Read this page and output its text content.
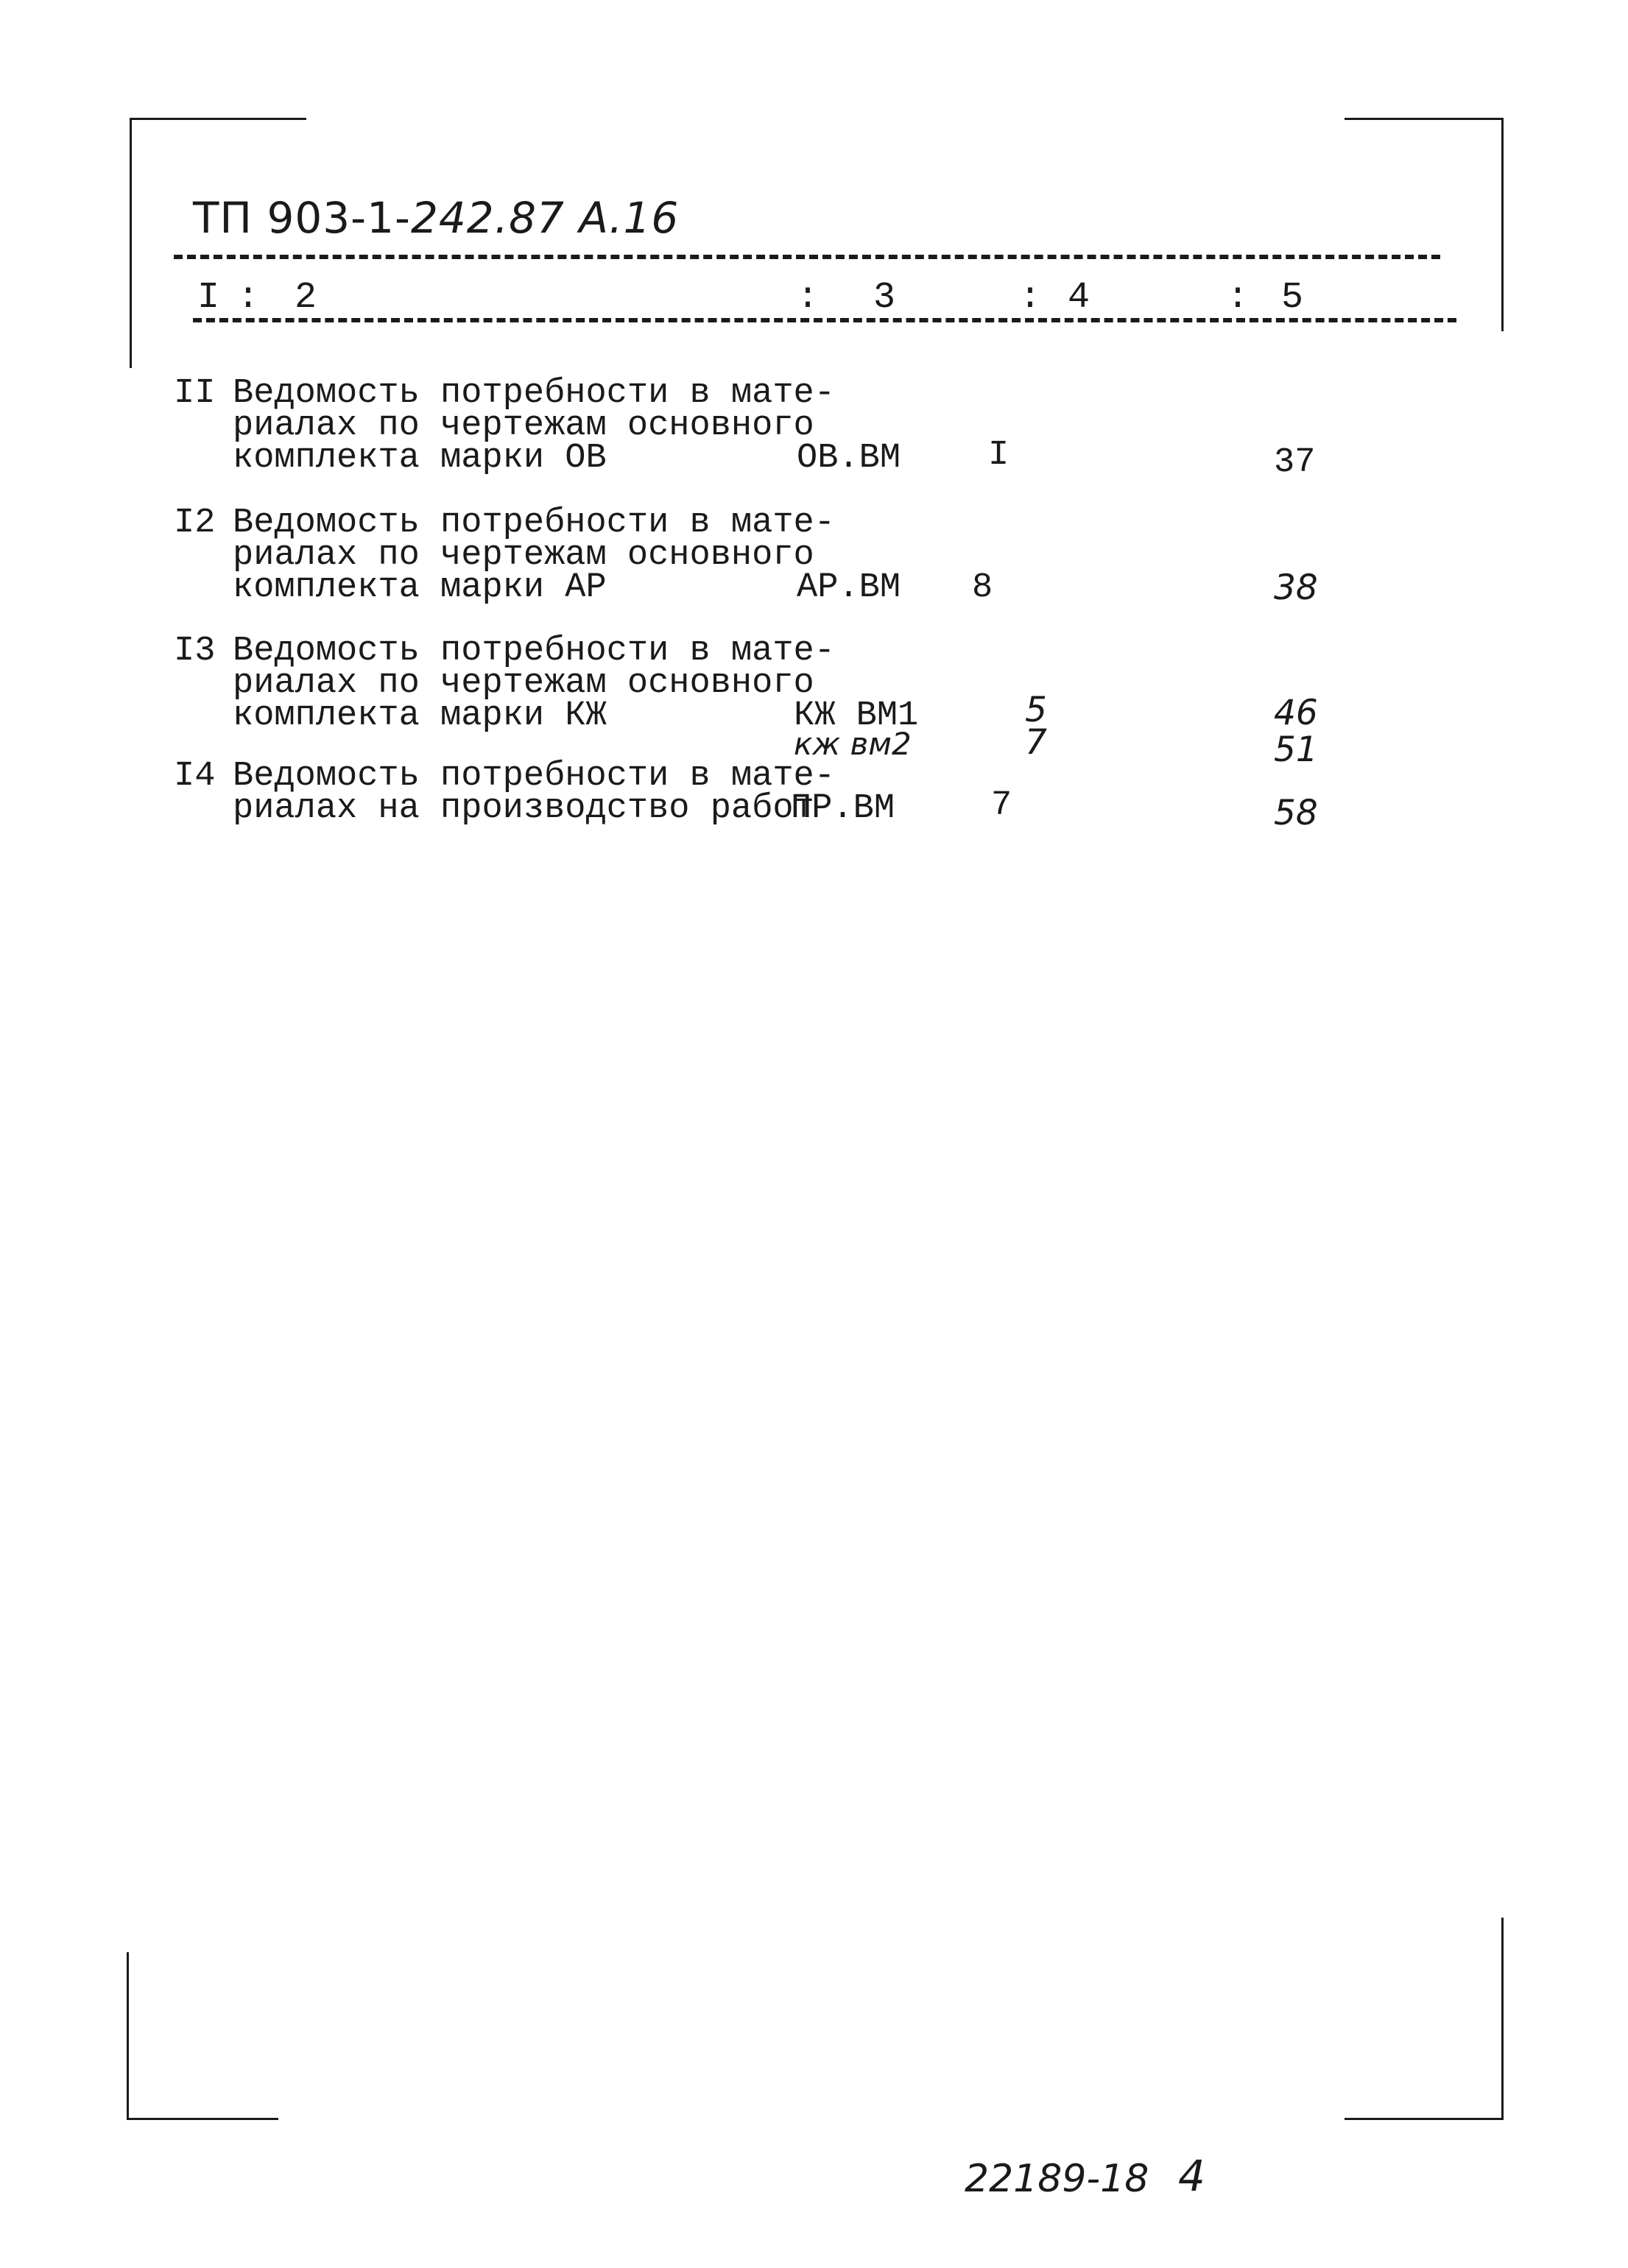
ТП 903-1-242.87 А.16
I : 2	: 3	: 4	: 5
II Ведомость потребности в мате-
риалах по чертежам основного
комплекта марки ОВ	ОВ.ВМ	I	37
I2 Ведомость потребности в мате-
риалах по чертежам основного
комплекта марки АР	АР.ВМ 8	38
I3 Ведомость потребности в мате-
риалах по чертежам основного
комплекта марки КЖ	КЖ ВМ1	5	46
кж вм2	7	51
I4 Ведомость потребности в мате-
риалах на производство работ
ПР.ВМ	7	58
22189-18 4
